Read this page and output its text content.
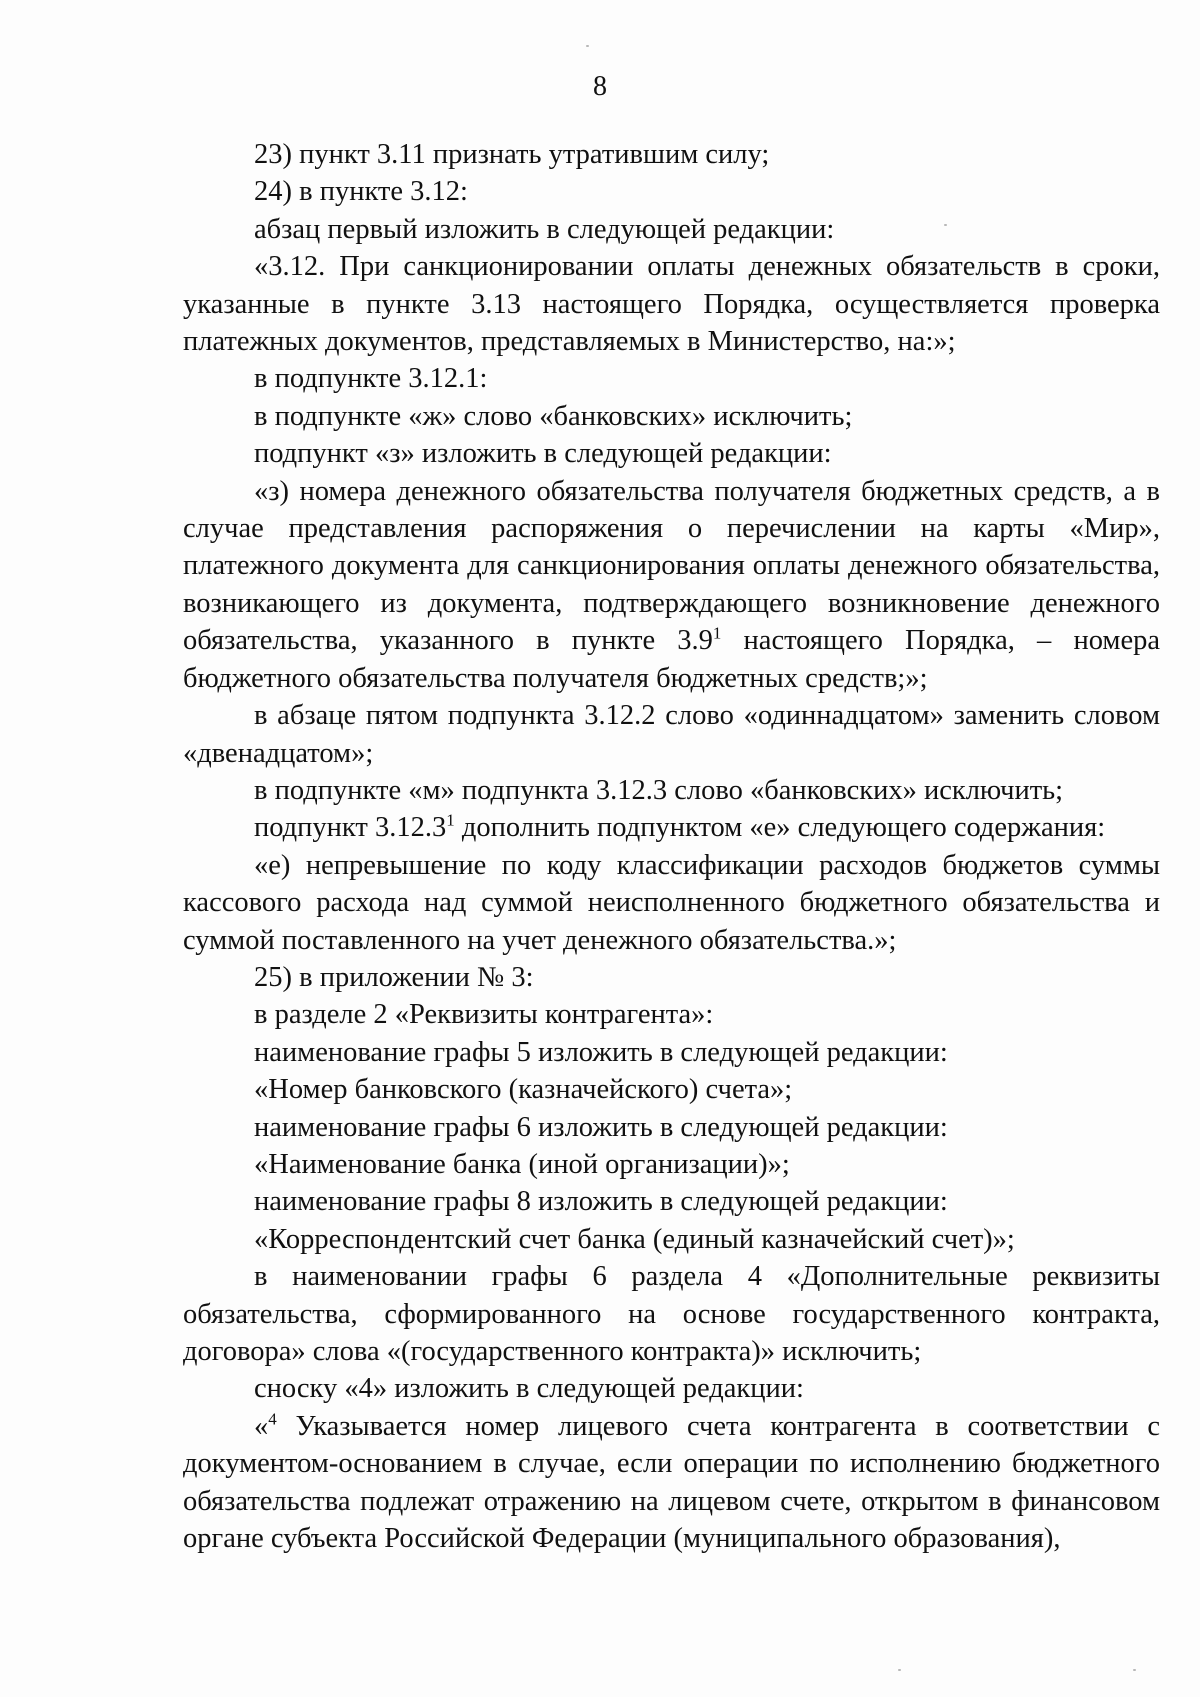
8

23) пункт 3.11 признать утратившим силу;

24) в пункте 3.12:

абзац первый изложить в следующей редакции:

«3.12. При санкционировании оплаты денежных обязательств в сроки, указанные в пункте 3.13 настоящего Порядка, осуществляется проверка платежных документов, представляемых в Министерство, на:»;

в подпункте 3.12.1:

в подпункте «ж» слово «банковских» исключить;

подпункт «з» изложить в следующей редакции:

«з) номера денежного обязательства получателя бюджетных средств, а в случае представления распоряжения о перечислении на карты «Мир», платежного документа для санкционирования оплаты денежного обязательства, возникающего из документа, подтверждающего возникновение денежного обязательства, указанного в пункте $3.9^1$ настоящего Порядка, – номера бюджетного обязательства получателя бюджетных средств;»;

в абзаце пятом подпункта 3.12.2 слово «одиннадцатом» заменить словом «двенадцатом»;

в подпункте «м» подпункта 3.12.3 слово «банковских» исключить;

подпункт 3.12.3$^1$ дополнить подпунктом «е» следующего содержания:

«е) непревышение по коду классификации расходов бюджетов суммы кассового расхода над суммой неисполненного бюджетного обязательства и суммой поставленного на учет денежного обязательства.»;

25) в приложении № 3:

в разделе 2 «Реквизиты контрагента»:

наименование графы 5 изложить в следующей редакции:

«Номер банковского (казначейского) счета»;

наименование графы 6 изложить в следующей редакции:

«Наименование банка (иной организации)»;

наименование графы 8 изложить в следующей редакции:

«Корреспондентский счет банка (единый казначейский счет)»;

в наименовании графы 6 раздела 4 «Дополнительные реквизиты обязательства, сформированного на основе государственного контракта, договора» слова «(государственного контракта)» исключить;

сноску «4» изложить в следующей редакции:

«$^4$ Указывается номер лицевого счета контрагента в соответствии с документом-основанием в случае, если операции по исполнению бюджетного обязательства подлежат отражению на лицевом счете, открытом в финансовом органе субъекта Российской Федерации (муниципального образования),
